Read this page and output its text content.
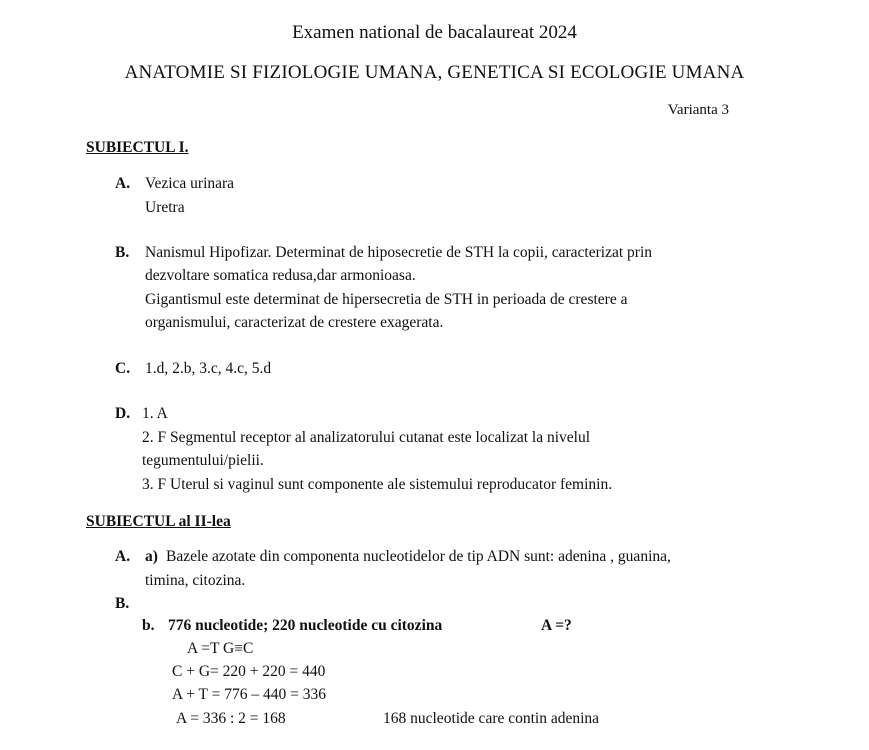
Examen national de bacalaureat 2024
ANATOMIE SI FIZIOLOGIE UMANA, GENETICA SI ECOLOGIE UMANA
Varianta 3
SUBIECTUL I.
A. Vezica urinara
Uretra
B. Nanismul Hipofizar. Determinat de hiposecretie de STH la copii, caracterizat prin
dezvoltare somatica redusa,dar armonioasa.
Gigantismul este determinat de hipersecretia de STH in perioada de crestere a
organismului, caracterizat de crestere exagerata.
C. 1.d, 2.b, 3.c, 4.c, 5.d
D. 1. A
2. F Segmentul receptor al analizatorului cutanat este localizat la nivelul
tegumentului/pielii.
3. F Uterul si vaginul sunt componente ale sistemului reproducator feminin.
SUBIECTUL al II-lea
A. a) Bazele azotate din componenta nucleotidelor de tip ADN sunt: adenina , guanina,
timina, citozina.
B.
b. 776 nucleotide; 220 nucleotide cu citozina	A =?
A =T G≡C
C + G= 220 + 220 = 440
A + T = 776 – 440 = 336
A = 336 : 2 = 168	168 nucleotide care contin adenina
